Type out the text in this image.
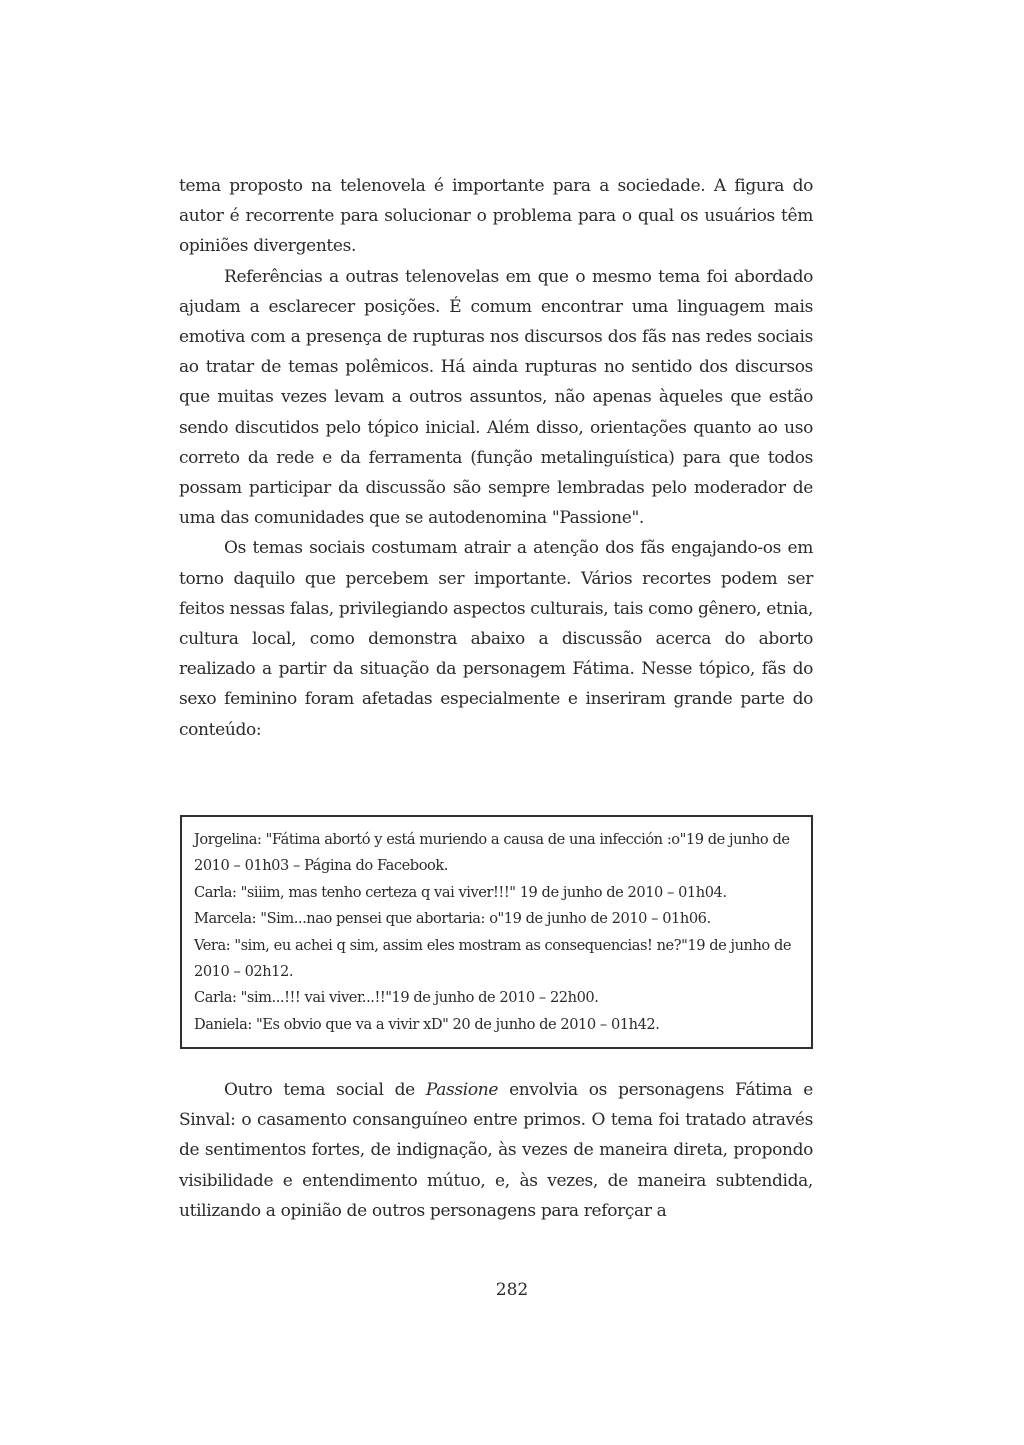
tema proposto na telenovela é importante para a sociedade. A figura do autor é recorrente para solucionar o problema para o qual os usuários têm opiniões divergentes.

Referências a outras telenovelas em que o mesmo tema foi abordado ajudam a esclarecer posições. É comum encontrar uma linguagem mais emotiva com a presença de rupturas nos discursos dos fãs nas redes sociais ao tratar de temas polêmicos. Há ainda rupturas no sentido dos discursos que muitas vezes levam a outros assuntos, não apenas àqueles que estão sendo discutidos pelo tópico inicial. Além disso, orientações quanto ao uso correto da rede e da ferramenta (função metalinguística) para que todos possam participar da discussão são sempre lembradas pelo moderador de uma das comunidades que se autodenomina "Passione".

Os temas sociais costumam atrair a atenção dos fãs engajando-os em torno daquilo que percebem ser importante. Vários recortes podem ser feitos nessas falas, privilegiando aspectos culturais, tais como gênero, etnia, cultura local, como demonstra abaixo a discussão acerca do aborto realizado a partir da situação da personagem Fátima. Nesse tópico, fãs do sexo feminino foram afetadas especialmente e inseriram grande parte do conteúdo:

Jorgelina: "Fátima abortó y está muriendo a causa de una infección :o"19 de junho de 2010 – 01h03 – Página do Facebook.

Carla: "siiim, mas tenho certeza q vai viver!!!" 19 de junho de 2010 – 01h04.

Marcela: "Sim...nao pensei que abortaria: o"19 de junho de 2010 – 01h06.

Vera: "sim, eu achei q sim, assim eles mostram as consequencias! ne?"19 de junho de 2010 – 02h12.

Carla: "sim...!!! vai viver...!!"19 de junho de 2010 – 22h00.

Daniela: "Es obvio que va a vivir xD" 20 de junho de 2010 – 01h42.

Outro tema social de Passione envolvia os personagens Fátima e Sinval: o casamento consanguíneo entre primos. O tema foi tratado através de sentimentos fortes, de indignação, às vezes de maneira direta, propondo visibilidade e entendimento mútuo, e, às vezes, de maneira subtendida, utilizando a opinião de outros personagens para reforçar a

282
